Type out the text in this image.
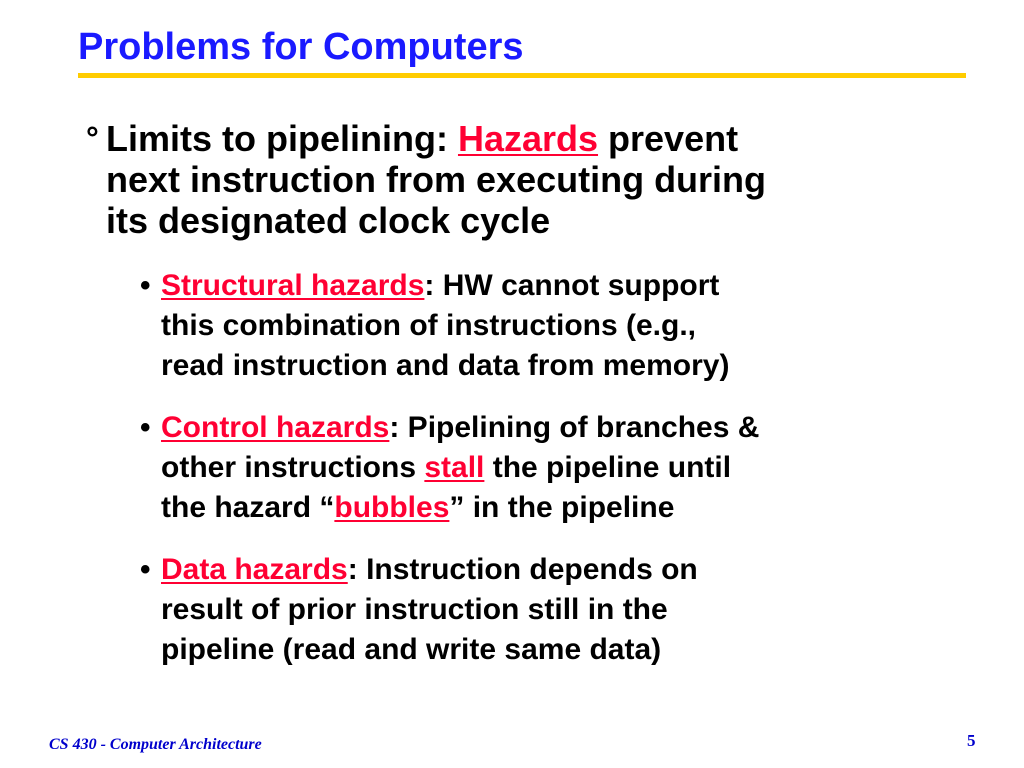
Problems for Computers
° Limits to pipelining: Hazards prevent
next instruction from executing during
its designated clock cycle
• Structural hazards: HW cannot support
this combination of instructions (e.g.,
read instruction and data from memory)
• Control hazards: Pipelining of branches &
other instructions stall the pipeline until
the hazard “bubbles” in the pipeline
• Data hazards: Instruction depends on
result of prior instruction still in the
pipeline (read and write same data)
CS 430 - Computer Architecture	5
